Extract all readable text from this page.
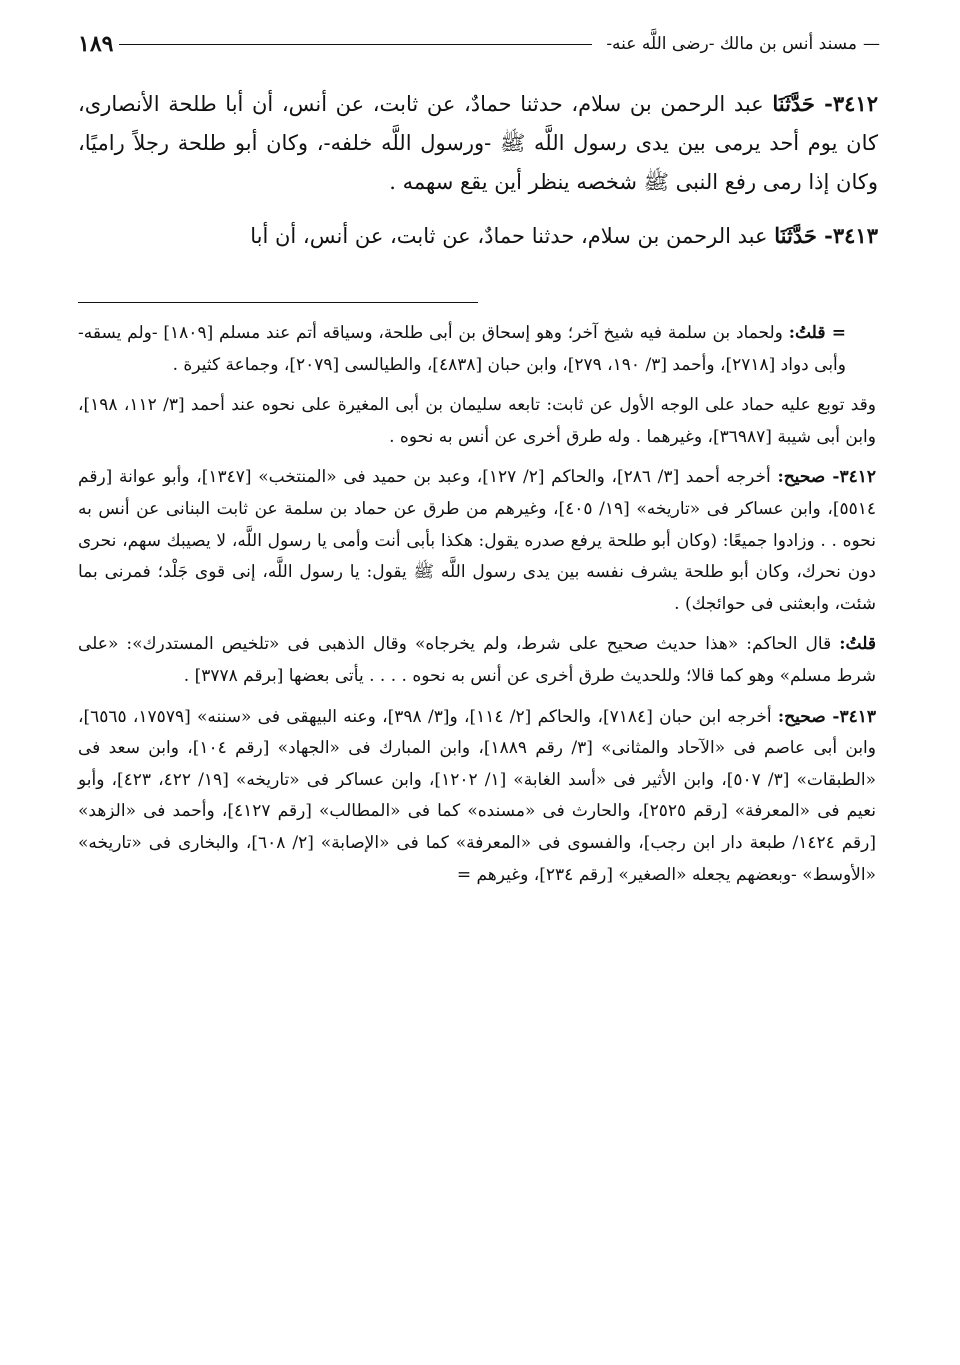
—
مسند أنس بن مالك -رضى اللَّه عنه-
١٨٩

٣٤١٢- حَدَّثَنَا عبد الرحمن بن سلام، حدثنا حمادٌ، عن ثابت، عن أنس، أن أبا طلحة الأنصارى، كان يوم أحد يرمى بين يدى رسول اللَّه ﷺ -ورسول اللَّه خلفه-، وكان أبو طلحة رجلاً راميًا، وكان إذا رمى رفع النبى ﷺ شخصه ينظر أين يقع سهمه .

٣٤١٣- حَدَّثَنَا عبد الرحمن بن سلام، حدثنا حمادٌ، عن ثابت، عن أنس، أن أبا

= قلتُ: ولحماد بن سلمة فيه شيخ آخر؛ وهو إسحاق بن أبى طلحة، وسياقه أتم عند مسلم [١٨٠٩] -ولم يسقه- وأبى دواد [٢٧١٨]، وأحمد [٣/ ١٩٠، ٢٧٩]، وابن حبان [٤٨٣٨]، والطيالسى [٢٠٧٩]، وجماعة كثيرة .

وقد توبع عليه حماد على الوجه الأول عن ثابت: تابعه سليمان بن أبى المغيرة على نحوه عند أحمد [٣/ ١١٢، ١٩٨]، وابن أبى شيبة [٣٦٩٨٧]، وغيرهما . وله طرق أخرى عن أنس به نحوه .

٣٤١٢- صحيح: أخرجه أحمد [٣/ ٢٨٦]، والحاكم [٢/ ١٢٧]، وعبد بن حميد فى «المنتخب» [١٣٤٧]، وأبو عوانة [رقم ٥٥١٤]، وابن عساكر فى «تاريخه» [١٩/ ٤٠٥]، وغيرهم من طرق عن حماد بن سلمة عن ثابت البنانى عن أنس به نحوه . . وزادوا جميعًا: (وكان أبو طلحة يرفع صدره يقول: هكذا بأبى أنت وأمى يا رسول اللَّه، لا يصيبك سهم، نحرى دون نحرك، وكان أبو طلحة يشرف نفسه بين يدى رسول اللَّه ﷺ يقول: يا رسول اللَّه، إنى قوى جَلْد؛ فمرنى بما شئت، وابعثنى فى حوائجك) .

قلتُ: قال الحاكم: «هذا حديث صحيح على شرط، ولم يخرجاه» وقال الذهبى فى «تلخيص المستدرك»: «على شرط مسلم» وهو كما قالا؛ وللحديث طرق أخرى عن أنس به نحوه . . . . يأتى بعضها [برقم ٣٧٧٨] .

٣٤١٣- صحيح: أخرجه ابن حبان [٧١٨٤]، والحاكم [٢/ ١١٤]، و[٣/ ٣٩٨]، وعنه البيهقى فى «سننه» [١٧٥٧٩، ٦٥٦٥]، وابن أبى عاصم فى «الآحاد والمثانى» [٣/ رقم ١٨٨٩]، وابن المبارك فى «الجهاد» [رقم ١٠٤]، وابن سعد فى «الطبقات» [٣/ ٥٠٧]، وابن الأثير فى «أسد الغابة» [١/ ١٢٠٢]، وابن عساكر فى «تاريخه» [١٩/ ٤٢٢، ٤٢٣]، وأبو نعيم فى «المعرفة» [رقم ٢٥٢٥]، والحارث فى «مسنده» كما فى «المطالب» [رقم ٤١٢٧]، وأحمد فى «الزهد» [رقم ١٤٢٤/ طبعة دار ابن رجب]، والفسوى فى «المعرفة» كما فى «الإصابة» [٢/ ٦٠٨]، والبخارى فى «تاريخه» «الأوسط» -وبعضهم يجعله «الصغير» [رقم ٢٣٤]، وغيرهم =
